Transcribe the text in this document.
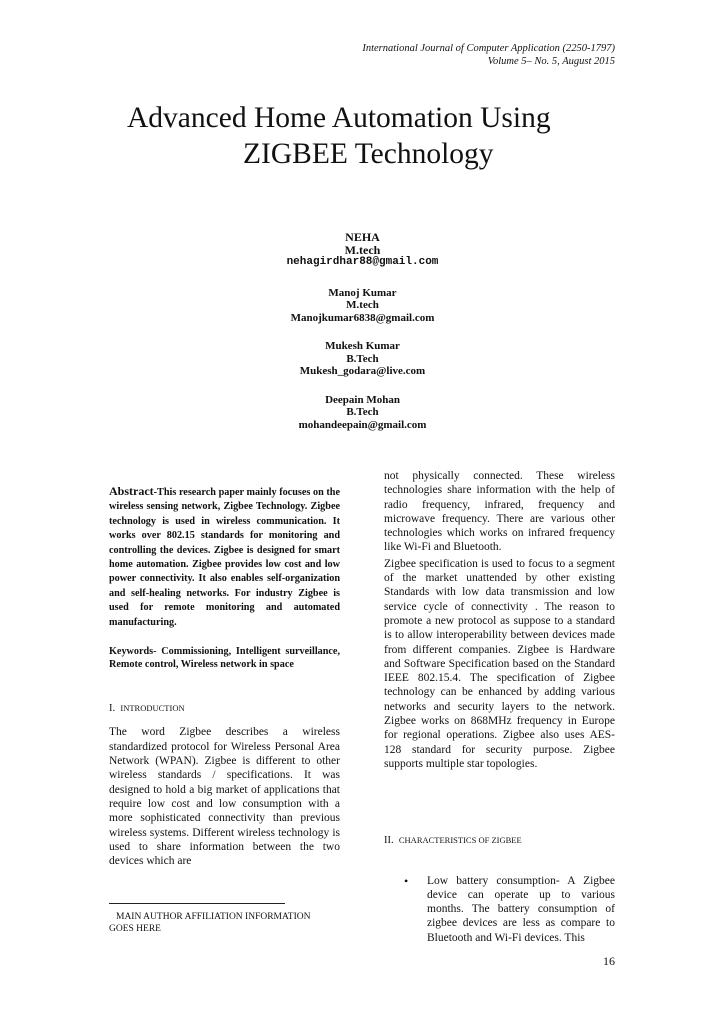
International Journal of Computer Application (2250-1797)
Volume 5– No. 5, August 2015
Advanced Home Automation Using
ZIGBEE Technology
NEHA
M.tech
nehagirdhar88@gmail.com
Manoj Kumar
M.tech
Manojkumar6838@gmail.com
Mukesh Kumar
B.Tech
Mukesh_godara@live.com
Deepain Mohan
B.Tech
mohandeepain@gmail.com
Abstract-This research paper mainly focuses on the wireless sensing network, Zigbee Technology. Zigbee technology is used in wireless communication. It works over 802.15 standards for monitoring and controlling the devices. Zigbee is designed for smart home automation. Zigbee provides low cost and low power connectivity. It also enables self-organization and self-healing networks. For industry Zigbee is used for remote monitoring and automated manufacturing.
Keywords- Commissioning, Intelligent surveillance, Remote control, Wireless network in space
I. INTRODUCTION
The word Zigbee describes a wireless standardized protocol for Wireless Personal Area Network (WPAN). Zigbee is different to other wireless standards / specifications. It was designed to hold a big market of applications that require low cost and low consumption with a more sophisticated connectivity than previous wireless systems. Different wireless technology is used to share information between the two devices which are
MAIN AUTHOR AFFILIATION INFORMATION
GOES HERE
not physically connected. These wireless technologies share information with the help of radio frequency, infrared, frequency and microwave frequency. There are various other technologies which works on infrared frequency like Wi-Fi and Bluetooth.
Zigbee specification is used to focus to a segment of the market unattended by other existing Standards with low data transmission and low service cycle of connectivity . The reason to promote a new protocol as suppose to a standard is to allow interoperability between devices made from different companies. Zigbee is Hardware and Software Specification based on the Standard IEEE 802.15.4. The specification of Zigbee technology can be enhanced by adding various networks and security layers to the network. Zigbee works on 868MHz frequency in Europe for regional operations. Zigbee also uses AES-128 standard for security purpose. Zigbee supports multiple star topologies.
II. CHARACTERISTICS OF ZIGBEE
• Low battery consumption- A Zigbee device can operate up to various months. The battery consumption of zigbee devices are less as compare to Bluetooth and Wi-Fi devices. This
16
